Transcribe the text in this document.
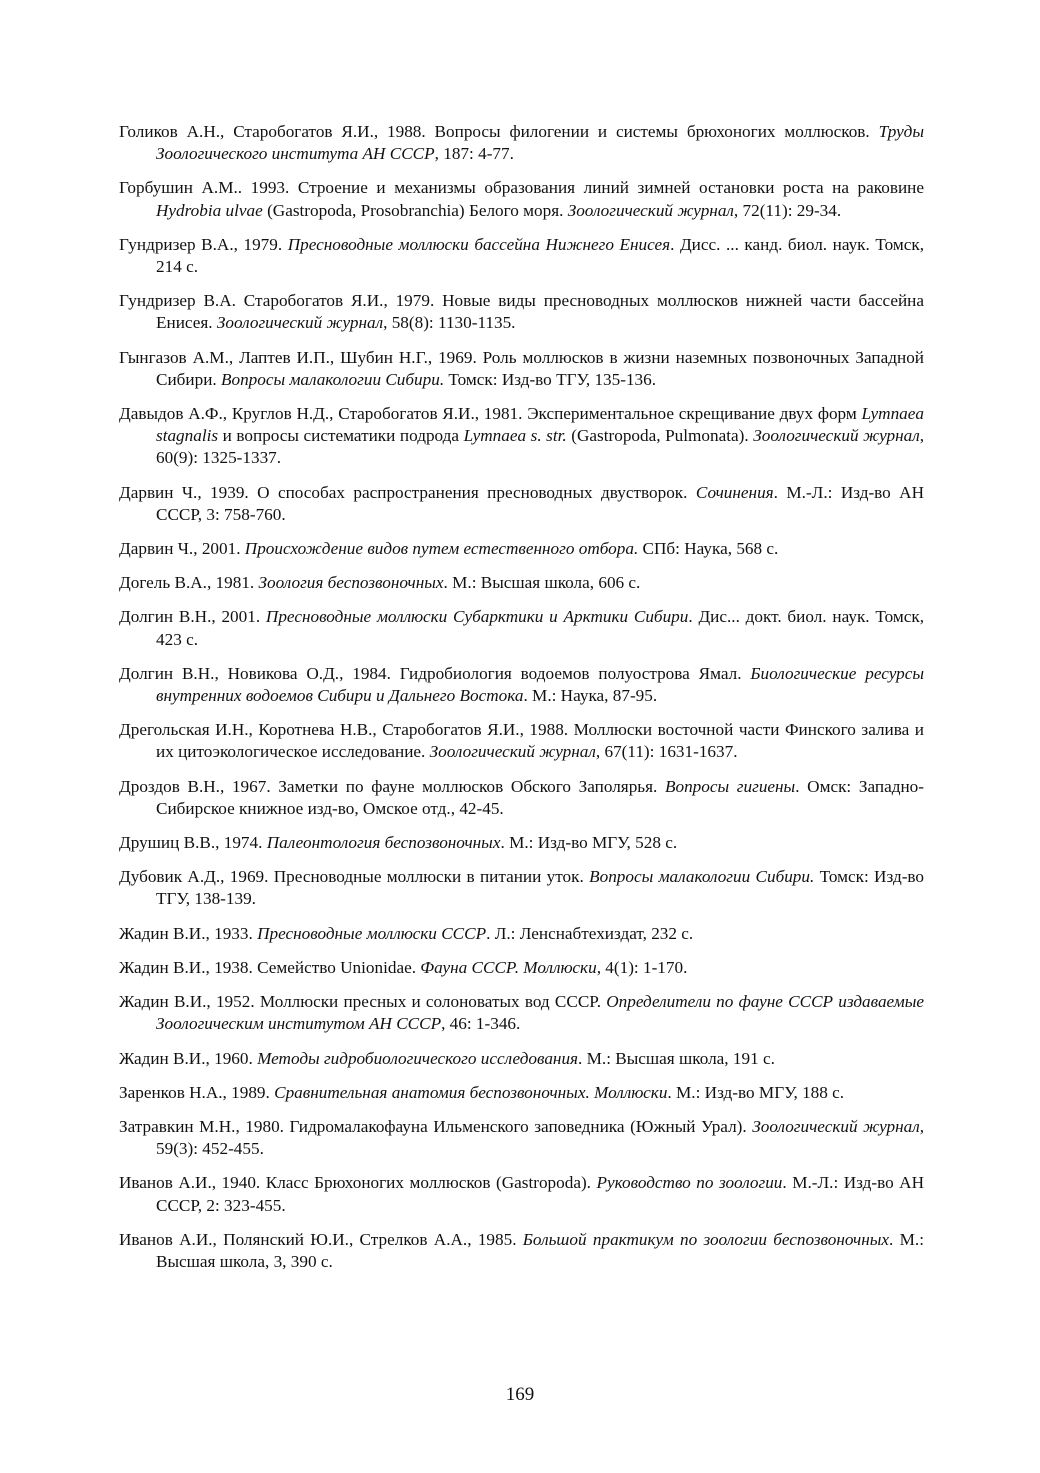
Голиков А.Н., Старобогатов Я.И., 1988. Вопросы филогении и системы брюхоногих моллюсков. Труды Зоологического института АН СССР, 187: 4-77.

Горбушин А.М.. 1993. Строение и механизмы образования линий зимней остановки роста на раковине Hydrobia ulvae (Gastropoda, Prosobranchia) Белого моря. Зоологический журнал, 72(11): 29-34.

Гундризер В.А., 1979. Пресноводные моллюски бассейна Нижнего Енисея. Дисс. ... канд. биол. наук. Томск, 214 с.

Гундризер В.А. Старобогатов Я.И., 1979. Новые виды пресноводных моллюсков нижней части бассейна Енисея. Зоологический журнал, 58(8): 1130-1135.

Гынгазов А.М., Лаптев И.П., Шубин Н.Г., 1969. Роль моллюсков в жизни наземных позвоночных Западной Сибири. Вопросы малакологии Сибири. Томск: Изд-во ТГУ, 135-136.

Давыдов А.Ф., Круглов Н.Д., Старобогатов Я.И., 1981. Экспериментальное скрещивание двух форм Lymnaea stagnalis и вопросы систематики подрода Lymnaea s. str. (Gastropoda, Pulmonata). Зоологический журнал, 60(9): 1325-1337.

Дарвин Ч., 1939. О способах распространения пресноводных двустворок. Сочинения. М.-Л.: Изд-во АН СССР, 3: 758-760.

Дарвин Ч., 2001. Происхождение видов путем естественного отбора. СПб: Наука, 568 с.

Догель В.А., 1981. Зоология беспозвоночных. М.: Высшая школа, 606 с.

Долгин В.Н., 2001. Пресноводные моллюски Субарктики и Арктики Сибири. Дис... докт. биол. наук. Томск, 423 с.

Долгин В.Н., Новикова О.Д., 1984. Гидробиология водоемов полуострова Ямал. Биологические ресурсы внутренних водоемов Сибири и Дальнего Востока. М.: Наука, 87-95.

Дрегольская И.Н., Коротнева Н.В., Старобогатов Я.И., 1988. Моллюски восточной части Финского залива и их цитоэкологическое исследование. Зоологический журнал, 67(11): 1631-1637.

Дроздов В.Н., 1967. Заметки по фауне моллюсков Обского Заполярья. Вопросы гигиены. Омск: Западно-Сибирское книжное изд-во, Омское отд., 42-45.

Друшиц В.В., 1974. Палеонтология беспозвоночных. М.: Изд-во МГУ, 528 с.

Дубовик А.Д., 1969. Пресноводные моллюски в питании уток. Вопросы малакологии Сибири. Томск: Изд-во ТГУ, 138-139.

Жадин В.И., 1933. Пресноводные моллюски СССР. Л.: Ленснабтехиздат, 232 с.

Жадин В.И., 1938. Семейство Unionidae. Фауна СССР. Моллюски, 4(1): 1-170.

Жадин В.И., 1952. Моллюски пресных и солоноватых вод СССР. Определители по фауне СССР издаваемые Зоологическим институтом АН СССР, 46: 1-346.

Жадин В.И., 1960. Методы гидробиологического исследования. М.: Высшая школа, 191 с.

Заренков Н.А., 1989. Сравнительная анатомия беспозвоночных. Моллюски. М.: Изд-во МГУ, 188 с.

Затравкин М.Н., 1980. Гидромалакофауна Ильменского заповедника (Южный Урал). Зоологический журнал, 59(3): 452-455.

Иванов А.И., 1940. Класс Брюхоногих моллюсков (Gastropoda). Руководство по зоологии. М.-Л.: Изд-во АН СССР, 2: 323-455.

Иванов А.И., Полянский Ю.И., Стрелков А.А., 1985. Большой практикум по зоологии беспозвоночных. М.: Высшая школа, 3, 390 с.

169
